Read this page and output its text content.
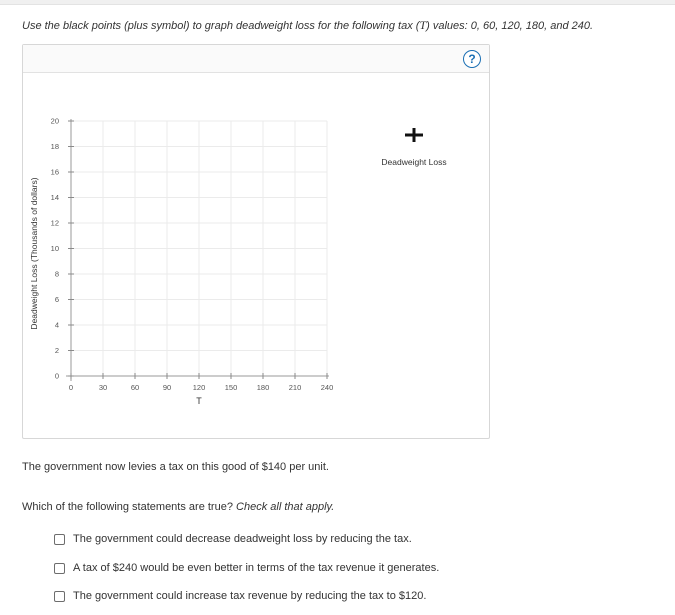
Use the black points (plus symbol) to graph deadweight loss for the following tax (T) values: 0, 60, 120, 180, and 240.
?
0	30	60	90	120	150	180	210	240
0
2
4
6
8
10
12
14
16
18
20
T
Deadweight Loss (Thousands of dollars)
Deadweight Loss
The government now levies a tax on this good of $140 per unit.
Which of the following statements are true? Check all that apply.
The government could decrease deadweight loss by reducing the tax.
A tax of $240 would be even better in terms of the tax revenue it generates.
The government could increase tax revenue by reducing the tax to $120.
